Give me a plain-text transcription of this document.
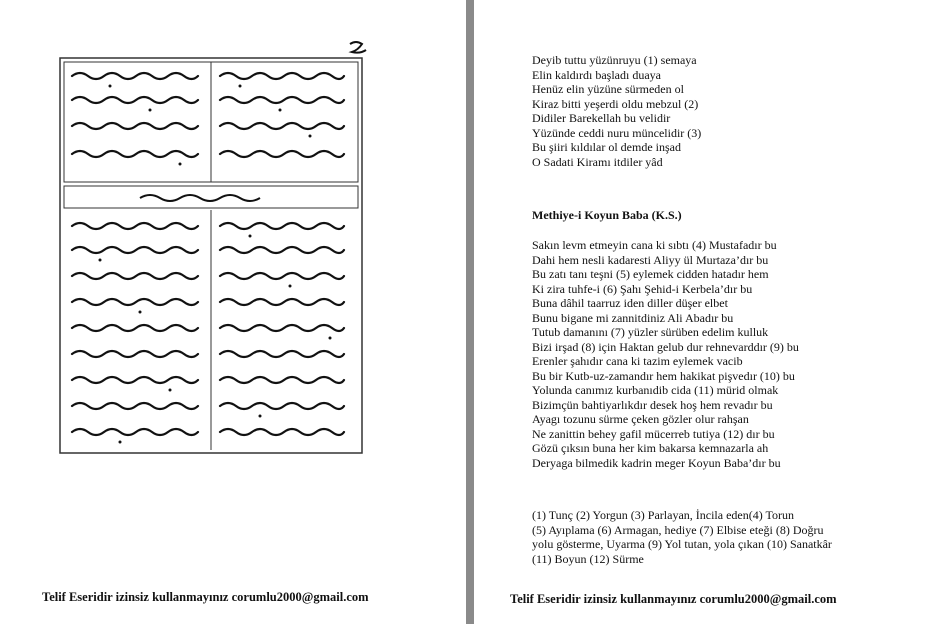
Telif Eseridir izinsiz kullanmayınız corumlu2000@gmail.com
Deyib tuttu yüzünruyu (1) semaya
Elin kaldırdı başladı duaya
Henüz elin yüzüne sürmeden ol
Kiraz bitti yeşerdi oldu mebzul (2)
Didiler Barekellah bu velidir
Yüzünde ceddi nuru müncelidir (3)
Bu şiiri kıldılar ol demde inşad
O Sadati Kiramı itdiler yâd
Methiye-i Koyun Baba (K.S.)
Sakın levm etmeyin cana ki sıbtı (4) Mustafadır bu
Dahi hem nesli kadaresti Aliyy ül Murtaza’dır bu
Bu zatı tanı teşni (5) eylemek cidden hatadır hem
Ki zira tuhfe-i (6) Şahı Şehid-i Kerbela’dır bu
Buna dâhil taarruz iden diller düşer elbet
Bunu bigane mi zannitdiniz Ali Abadır bu
Tutub damanını (7) yüzler sürüben edelim kulluk
Bizi irşad (8) için Haktan gelub dur rehnevarddır (9) bu
Erenler şahıdır cana ki tazim eylemek vacib
Bu bir Kutb-uz-zamandır hem hakikat pişvedır (10) bu
Yolunda canımız kurbanıdib cida (11) mürid olmak
Bizimçün bahtiyarlıkdır desek hoş hem revadır bu
Ayagı tozunu sürme çeken gözler olur rahşan
Ne zanittin behey gafil mücerreb tutiya (12) dır bu
Gözü çıksın buna her kim bakarsa kemnazarla ah
Deryaga bilmedik kadrin meger Koyun Baba’dır bu
(1) Tunç (2) Yorgun (3) Parlayan, İncila eden(4) Torun
(5) Ayıplama (6) Armagan, hediye (7) Elbise eteği (8) Doğru
yolu gösterme, Uyarma (9) Yol tutan, yola çıkan (10) Sanatkâr
(11) Boyun (12) Sürme
Telif Eseridir izinsiz kullanmayınız corumlu2000@gmail.com
